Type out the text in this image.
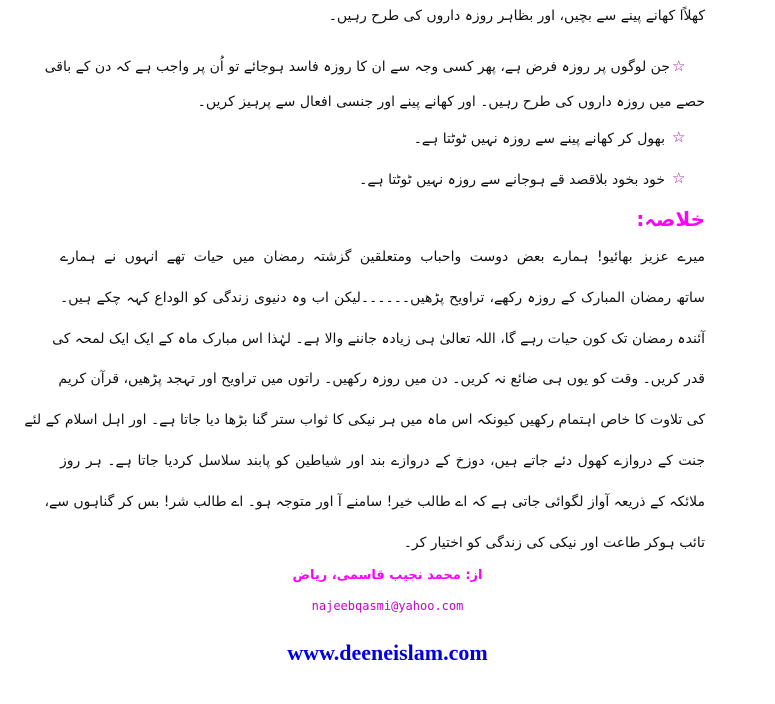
کھلاًا کھانے پینے سے بچیں، اور بظاہر روزہ داروں کی طرح رہیں۔
☆
جن لوگوں پر روزہ فرض ہے، پھر کسی وجہ سے ان کا روزہ فاسد ہوجائے تو اُن پر واجب ہے کہ دن کے باقی
حصے میں روزہ داروں کی طرح رہیں۔ اور کھانے پینے اور جنسی افعال سے پرہیز کریں۔
☆
بھول کر کھانے پینے سے روزہ نہیں ٹوٹتا ہے۔
☆
خود بخود بلاقصد قے ہوجانے سے روزہ نہیں ٹوٹتا ہے۔
خلاصہ:
میرے عزیز بھائیو! ہمارے بعض دوست واحباب ومتعلقین گزشتہ رمضان میں حیات تھے انہوں نے ہمارے
ساتھ رمضان المبارک کے روزہ رکھے، تراویح پڑھیں۔۔۔۔۔۔لیکن اب وہ دنیوی زندگی کو الوداع کہہ چکے ہیں۔
آئندہ رمضان تک کون حیات رہے گا، اللہ تعالیٰ ہی زیادہ جاننے والا ہے۔ لہٰذا اس مبارک ماہ کے ایک ایک لمحہ کی
قدر کریں۔ وقت کو یوں ہی ضائع نہ کریں۔ دن میں روزہ رکھیں۔ راتوں میں تراویح اور تہجد پڑھیں، قرآن کریم
کی تلاوت کا خاص اہتمام رکھیں کیونکہ اس ماہ میں ہر نیکی کا ثواب ستر گنا بڑھا دیا جاتا ہے۔ اور اہل اسلام کے لئے
جنت کے دروازے کھول دئے جاتے ہیں، دوزخ کے دروازے بند اور شیاطین کو پابند سلاسل کردیا جاتا ہے۔ ہر روز
ملائکہ کے ذریعہ آواز لگوائی جاتی ہے کہ اے طالب خیر! سامنے آ اور متوجہ ہو۔ اے طالب شر! بس کر گناہوں سے،
تائب ہوکر طاعت اور نیکی کی زندگی کو اختیار کر۔
از: محمد نجیب قاسمی، ریاض
najeebqasmi@yahoo.com
www.deeneislam.com
